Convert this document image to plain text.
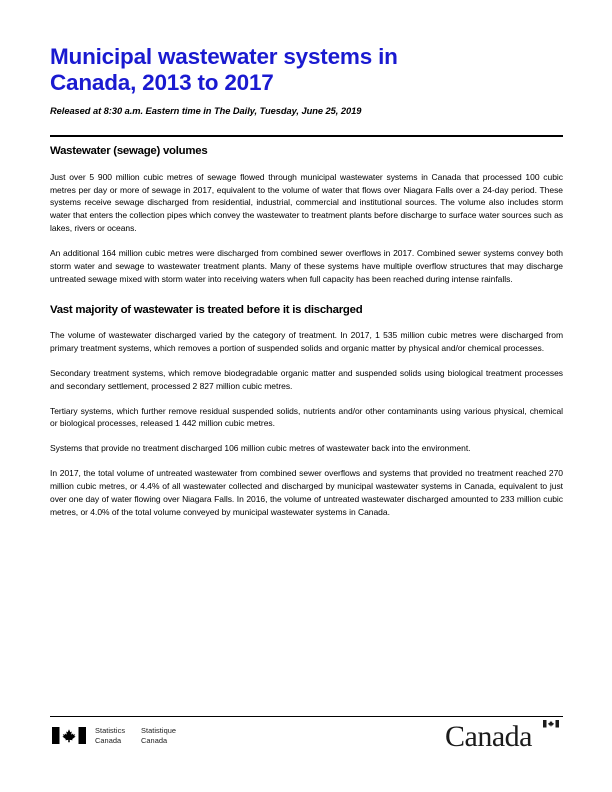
Municipal wastewater systems in
Canada, 2013 to 2017
Released at 8:30 a.m. Eastern time in The Daily, Tuesday, June 25, 2019
Wastewater (sewage) volumes

Just over 5 900 million cubic metres of sewage flowed through municipal wastewater systems in Canada that processed 100 cubic metres per day or more of sewage in 2017, equivalent to the volume of water that flows over Niagara Falls over a 24-day period. These systems receive sewage discharged from residential, industrial, commercial and institutional sources. The volume also includes storm water that enters the collection pipes which convey the wastewater to treatment plants before discharge to surface water sources such as lakes, rivers or oceans.

An additional 164 million cubic metres were discharged from combined sewer overflows in 2017. Combined sewer systems convey both storm water and sewage to wastewater treatment plants. Many of these systems have multiple overflow structures that may discharge untreated sewage mixed with storm water into receiving waters when full capacity has been reached during intense rainfalls.

Vast majority of wastewater is treated before it is discharged

The volume of wastewater discharged varied by the category of treatment. In 2017, 1 535 million cubic metres were discharged from primary treatment systems, which removes a portion of suspended solids and organic matter by physical and/or chemical processes.

Secondary treatment systems, which remove biodegradable organic matter and suspended solids using biological treatment processes and secondary settlement, processed 2 827 million cubic metres.

Tertiary systems, which further remove residual suspended solids, nutrients and/or other contaminants using various physical, chemical or biological processes, released 1 442 million cubic metres.

Systems that provide no treatment discharged 106 million cubic metres of wastewater back into the environment.

In 2017, the total volume of untreated wastewater from combined sewer overflows and systems that provided no treatment reached 270 million cubic metres, or 4.4% of all wastewater collected and discharged by municipal wastewater systems in Canada, equivalent to just over one day of water flowing over Niagara Falls. In 2016, the volume of untreated wastewater discharged amounted to 233 million cubic metres, or 4.0% of the total volume conveyed by municipal wastewater systems in Canada.

Statistics
Canada
Statistique
Canada	Canada
